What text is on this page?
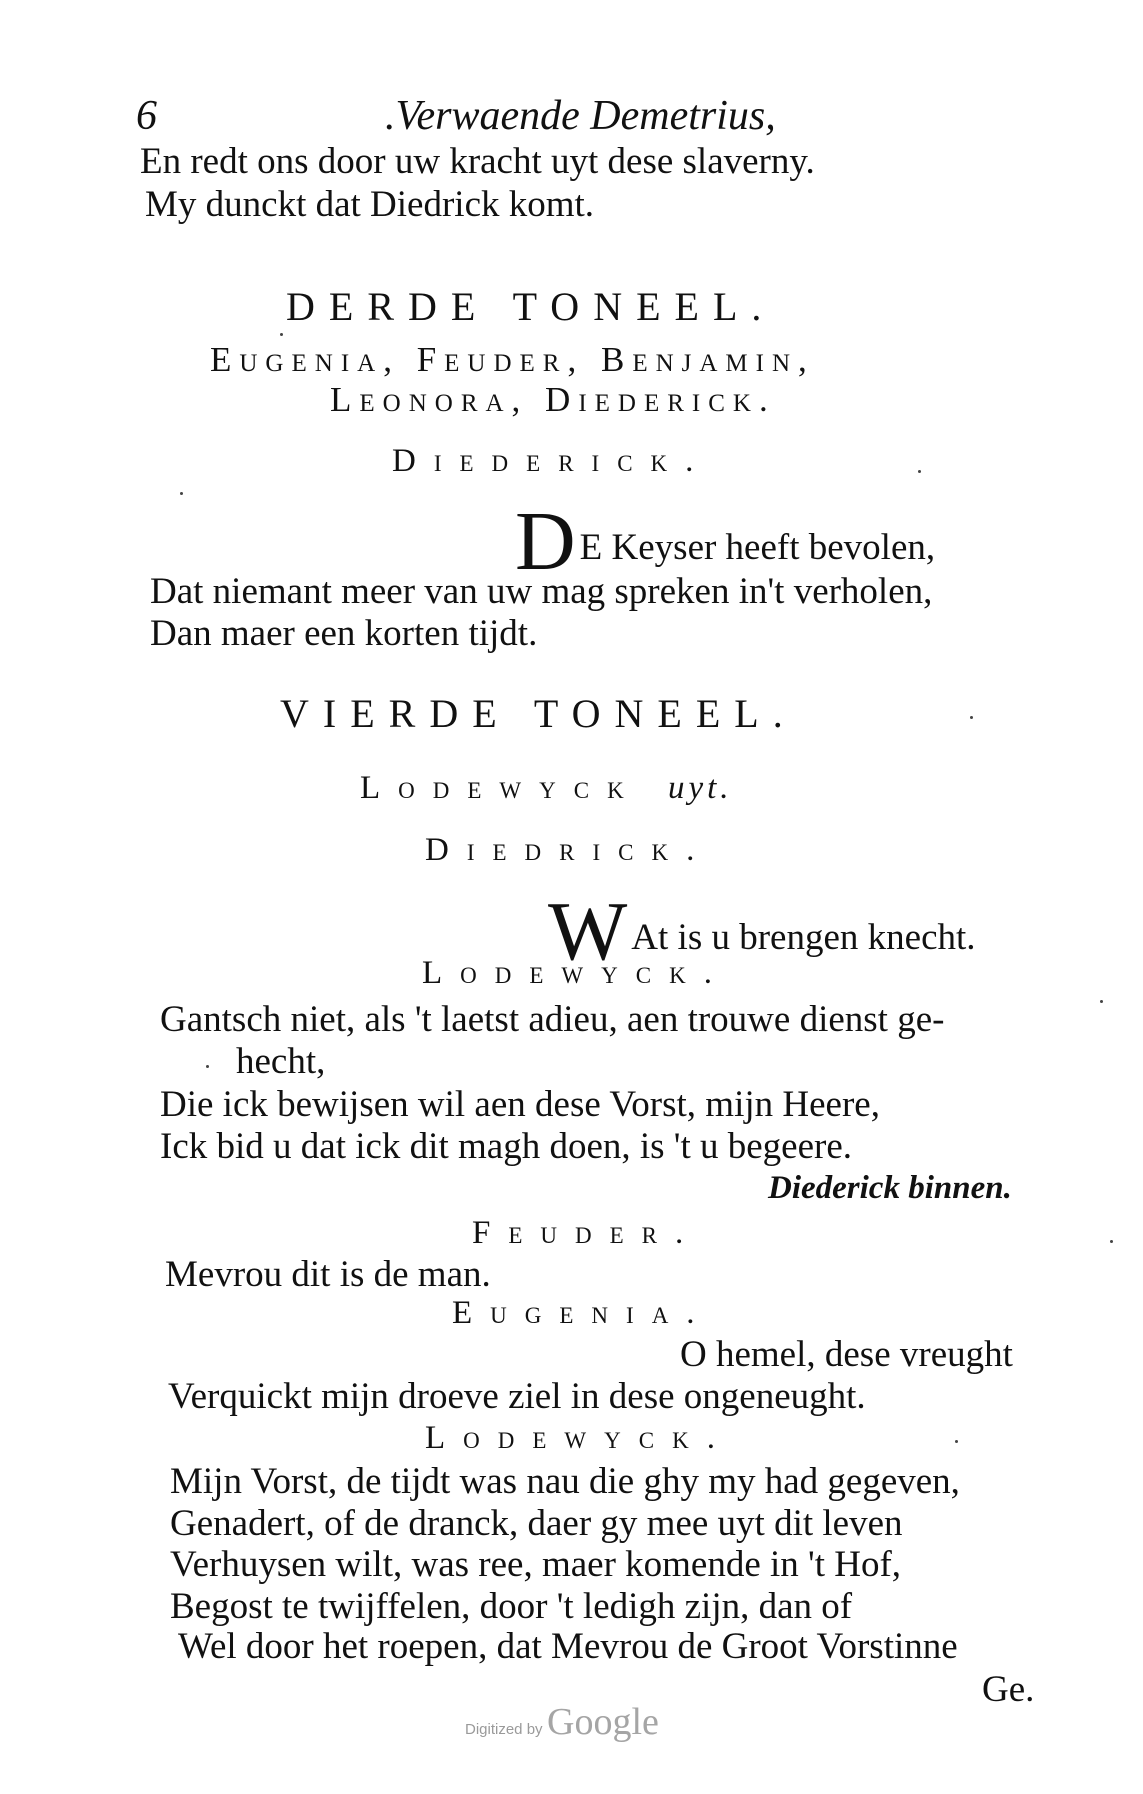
6	.Verwaende Demetrius,
En redt ons door uw kracht uyt dese slaverny.
My dunckt dat Diedrick komt.
DERDE TONEEL.
Eugenia, Feuder, Benjamin,
Leonora, Diederick.
Diederick.
D E Keyser heeft bevolen,
Dat niemant meer van uw mag spreken in't verholen,
Dan maer een korten tijdt.
VIERDE TONEEL.
Lodewyck uyt.
Diedrick.
W At is u brengen knecht.
Lodewyck.
Gantsch niet, als 't laetst adieu, aen trouwe dienst ge-
hecht,
Die ick bewijsen wil aen dese Vorst, mijn Heere,
Ick bid u dat ick dit magh doen, is 't u begeere.
Diederick binnen.
Feuder.
Mevrou dit is de man.
Eugenia.
O hemel, dese vreught
Verquickt mijn droeve ziel in dese ongeneught.
Lodewyck.
Mijn Vorst, de tijdt was nau die ghy my had gegeven,
Genadert, of de dranck, daer gy mee uyt dit leven
Verhuysen wilt, was ree, maer komende in 't Hof,
Begost te twijffelen, door 't ledigh zijn, dan of
Wel door het roepen, dat Mevrou de Groot Vorstinne
Ge.
Digitized by Google
